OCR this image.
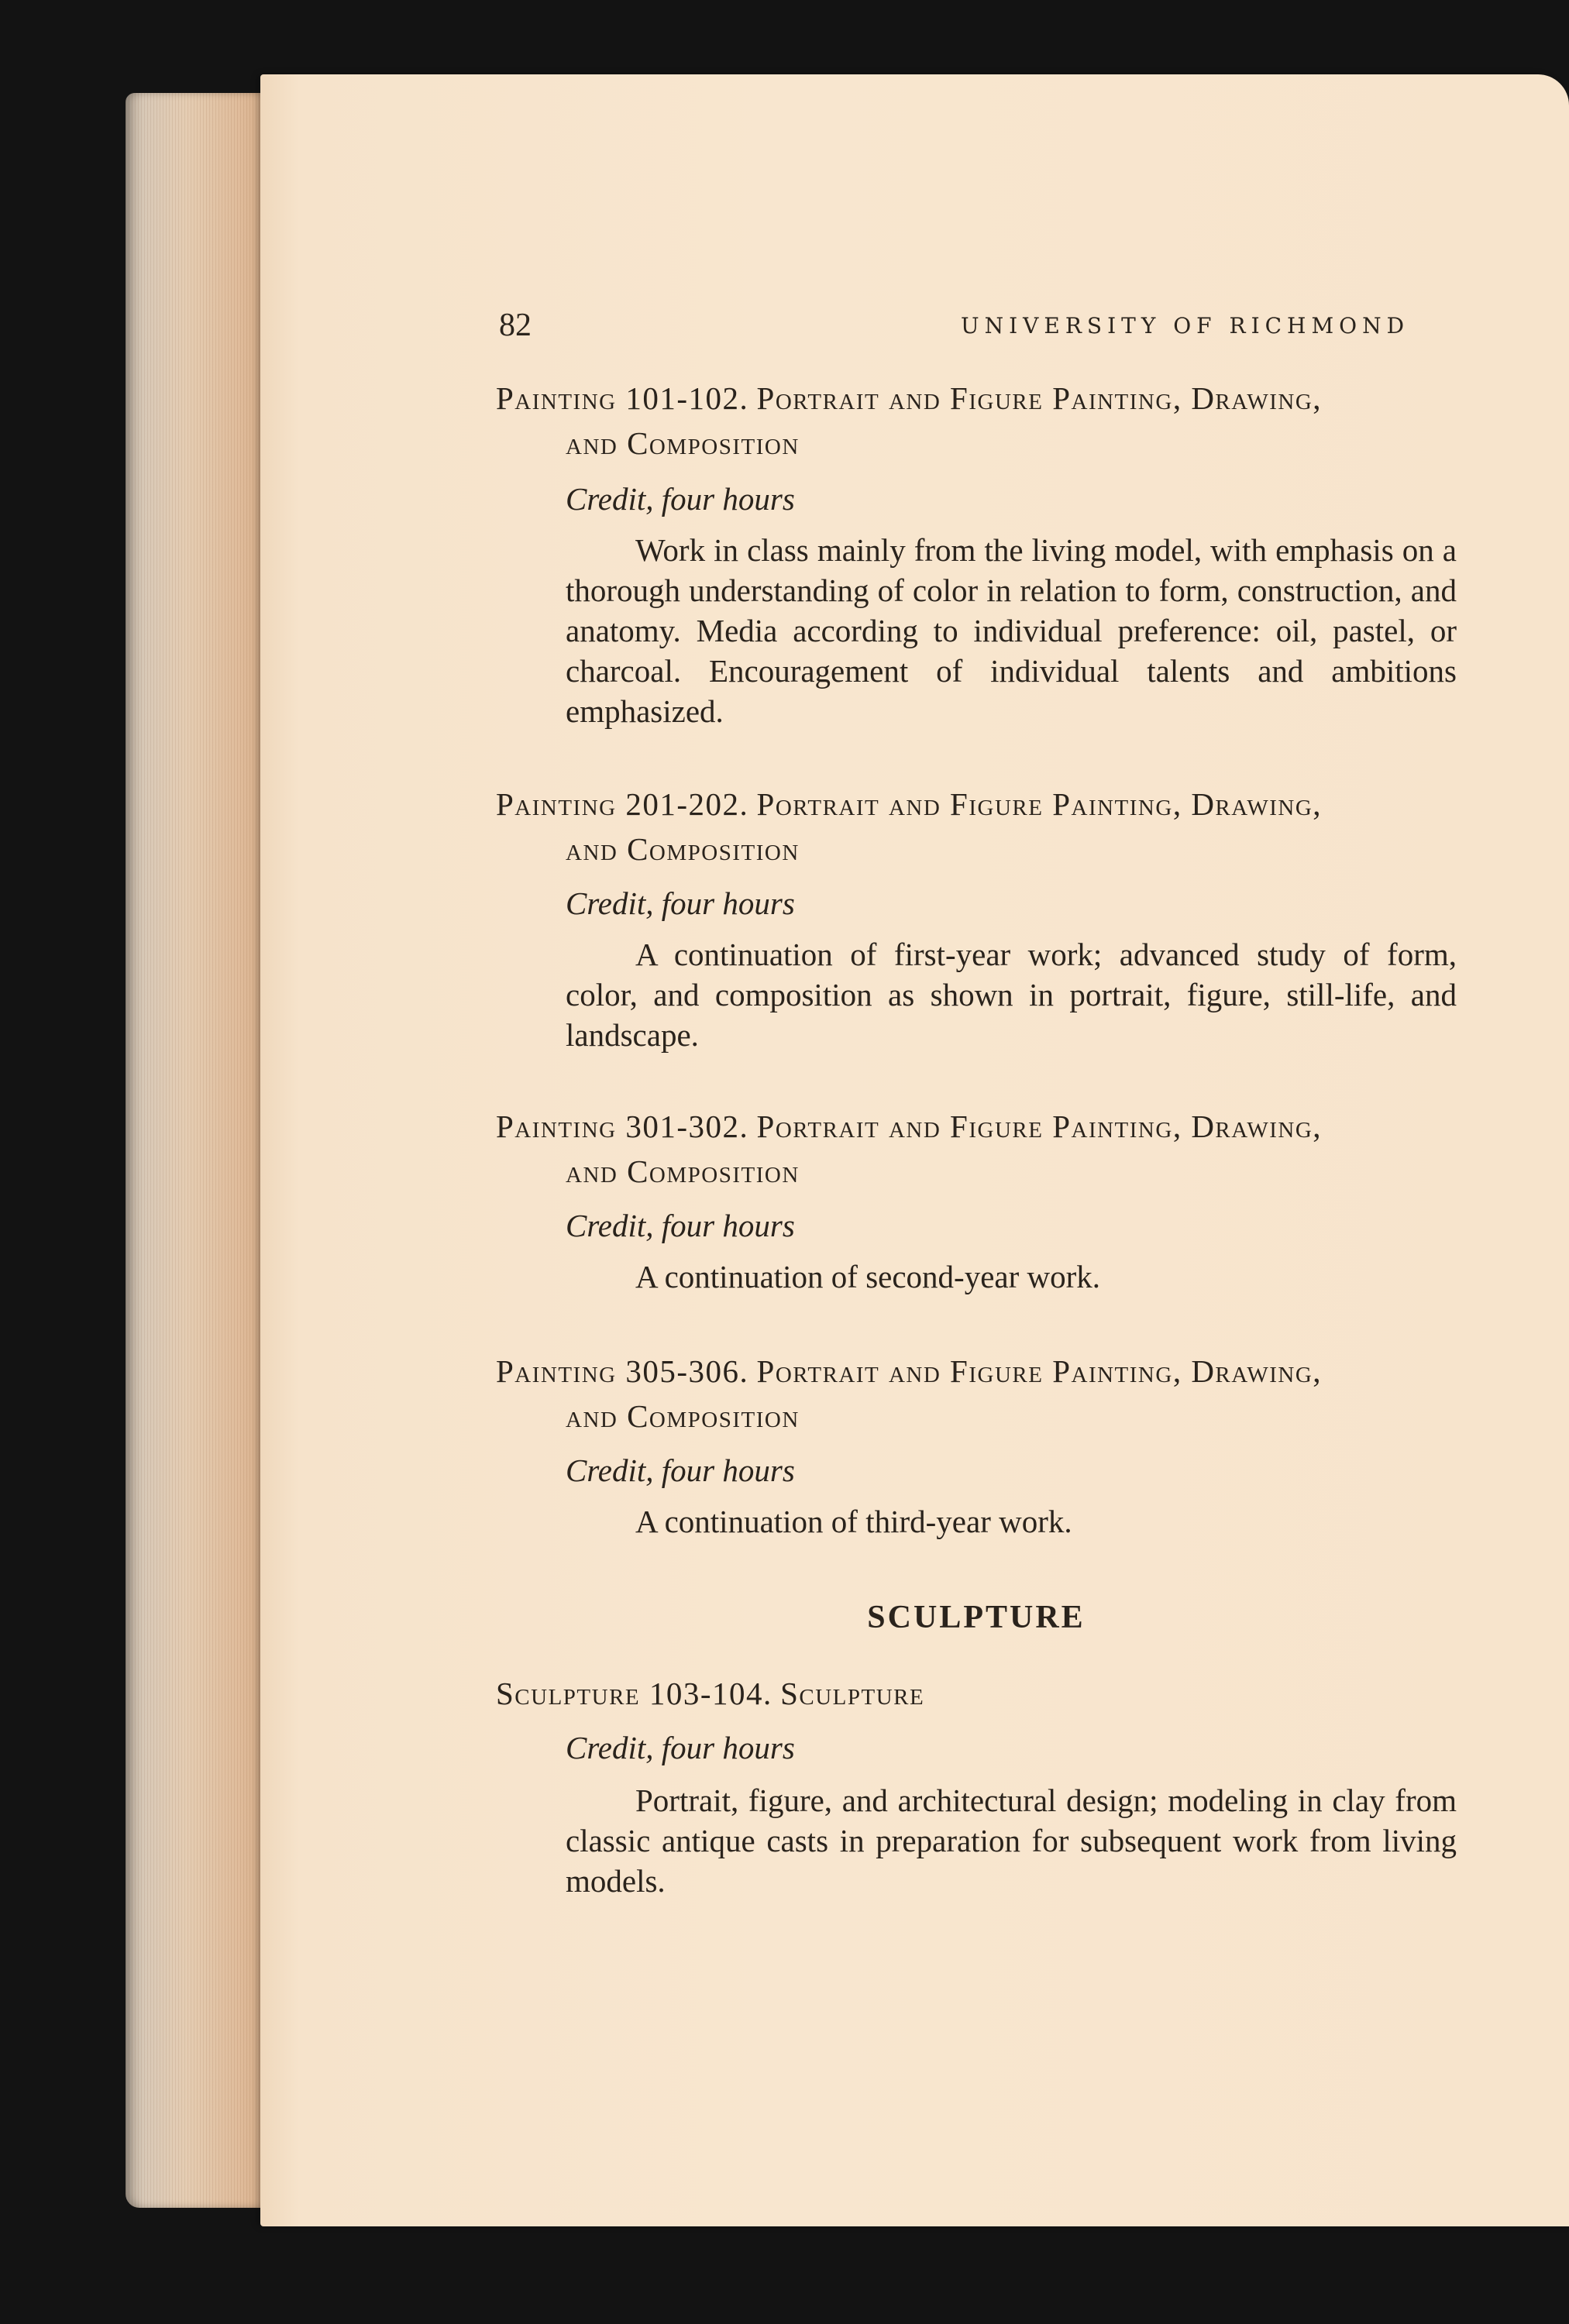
82	UNIVERSITY OF RICHMOND
Painting 101-102. Portrait and Figure Painting, Drawing,
and Composition
Credit, four hours
Work in class mainly from the living model, with emphasis on a thorough understanding of color in relation to form, construction, and anatomy. Media according to individual preference: oil, pastel, or charcoal. Encouragement of individual talents and ambitions emphasized.
Painting 201-202. Portrait and Figure Painting, Drawing,
and Composition
Credit, four hours
A continuation of first-year work; advanced study of form, color, and composition as shown in portrait, figure, still-life, and landscape.
Painting 301-302. Portrait and Figure Painting, Drawing,
and Composition
Credit, four hours
A continuation of second-year work.
Painting 305-306. Portrait and Figure Painting, Drawing,
and Composition
Credit, four hours
A continuation of third-year work.
SCULPTURE
Sculpture 103-104. Sculpture
Credit, four hours
Portrait, figure, and architectural design; modeling in clay from classic antique casts in preparation for subsequent work from living models.
